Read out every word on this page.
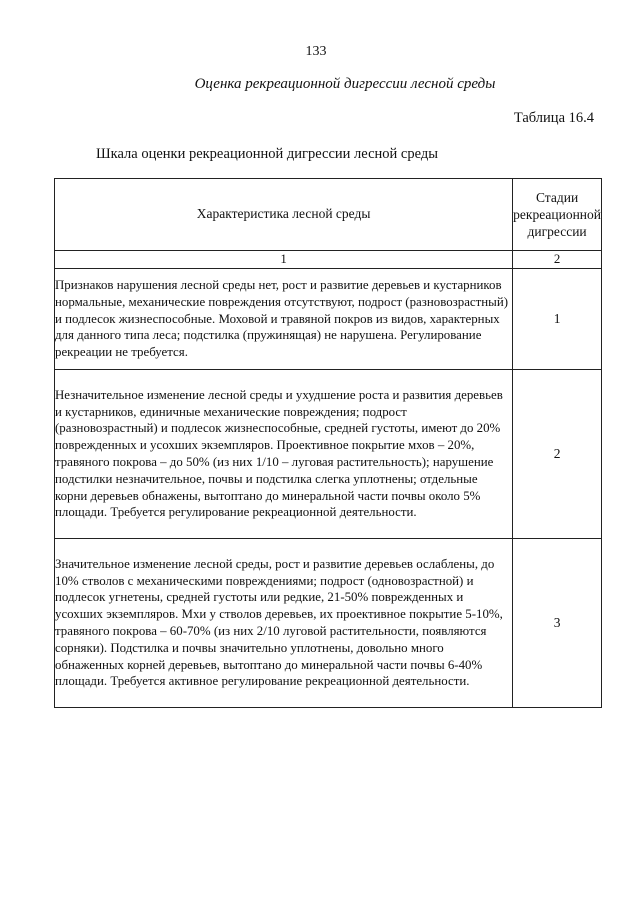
133
Оценка рекреационной дигрессии лесной среды
Таблица 16.4
Шкала оценки рекреационной дигрессии лесной среды
Характеристика лесной среды	Стадии рекреационной дигрессии
1	2
Признаков нарушения лесной среды нет, рост и развитие деревьев и кустарников нормальные, механические повреждения отсутствуют, подрост (разновозрастный) и подлесок жизнеспособные. Моховой и травяной покров из видов, характерных для данного типа леса; подстилка (пружинящая) не нарушена. Регулирование рекреации не требуется.	1
Незначительное изменение лесной среды и ухудшение роста и развития деревьев и кустарников, единичные механические повреждения; подрост (разновозрастный) и подлесок жизнеспособные, средней густоты, имеют до 20% поврежденных и усохших экземпляров. Проективное покрытие мхов – 20%, травяного покрова – до 50% (из них 1/10 – луговая растительность); нарушение подстилки незначительное, почвы и подстилка слегка уплотнены; отдельные корни деревьев обнажены, вытоптано до минеральной части почвы около 5% площади. Требуется регулирование рекреационной деятельности.	2
Значительное изменение лесной среды, рост и развитие деревьев ослаблены, до 10% стволов с механическими повреждениями; подрост (одновозрастной) и подлесок угнетены, средней густоты или редкие, 21-50% поврежденных и усохших экземпляров. Мхи у стволов деревьев, их проективное покрытие 5-10%, травяного покрова – 60-70% (из них 2/10 луговой растительности, появляются сорняки). Подстилка и почвы значительно уплотнены, довольно много обнаженных корней деревьев, вытоптано до минеральной части почвы 6-40% площади. Требуется активное регулирование рекреационной деятельности.	3
